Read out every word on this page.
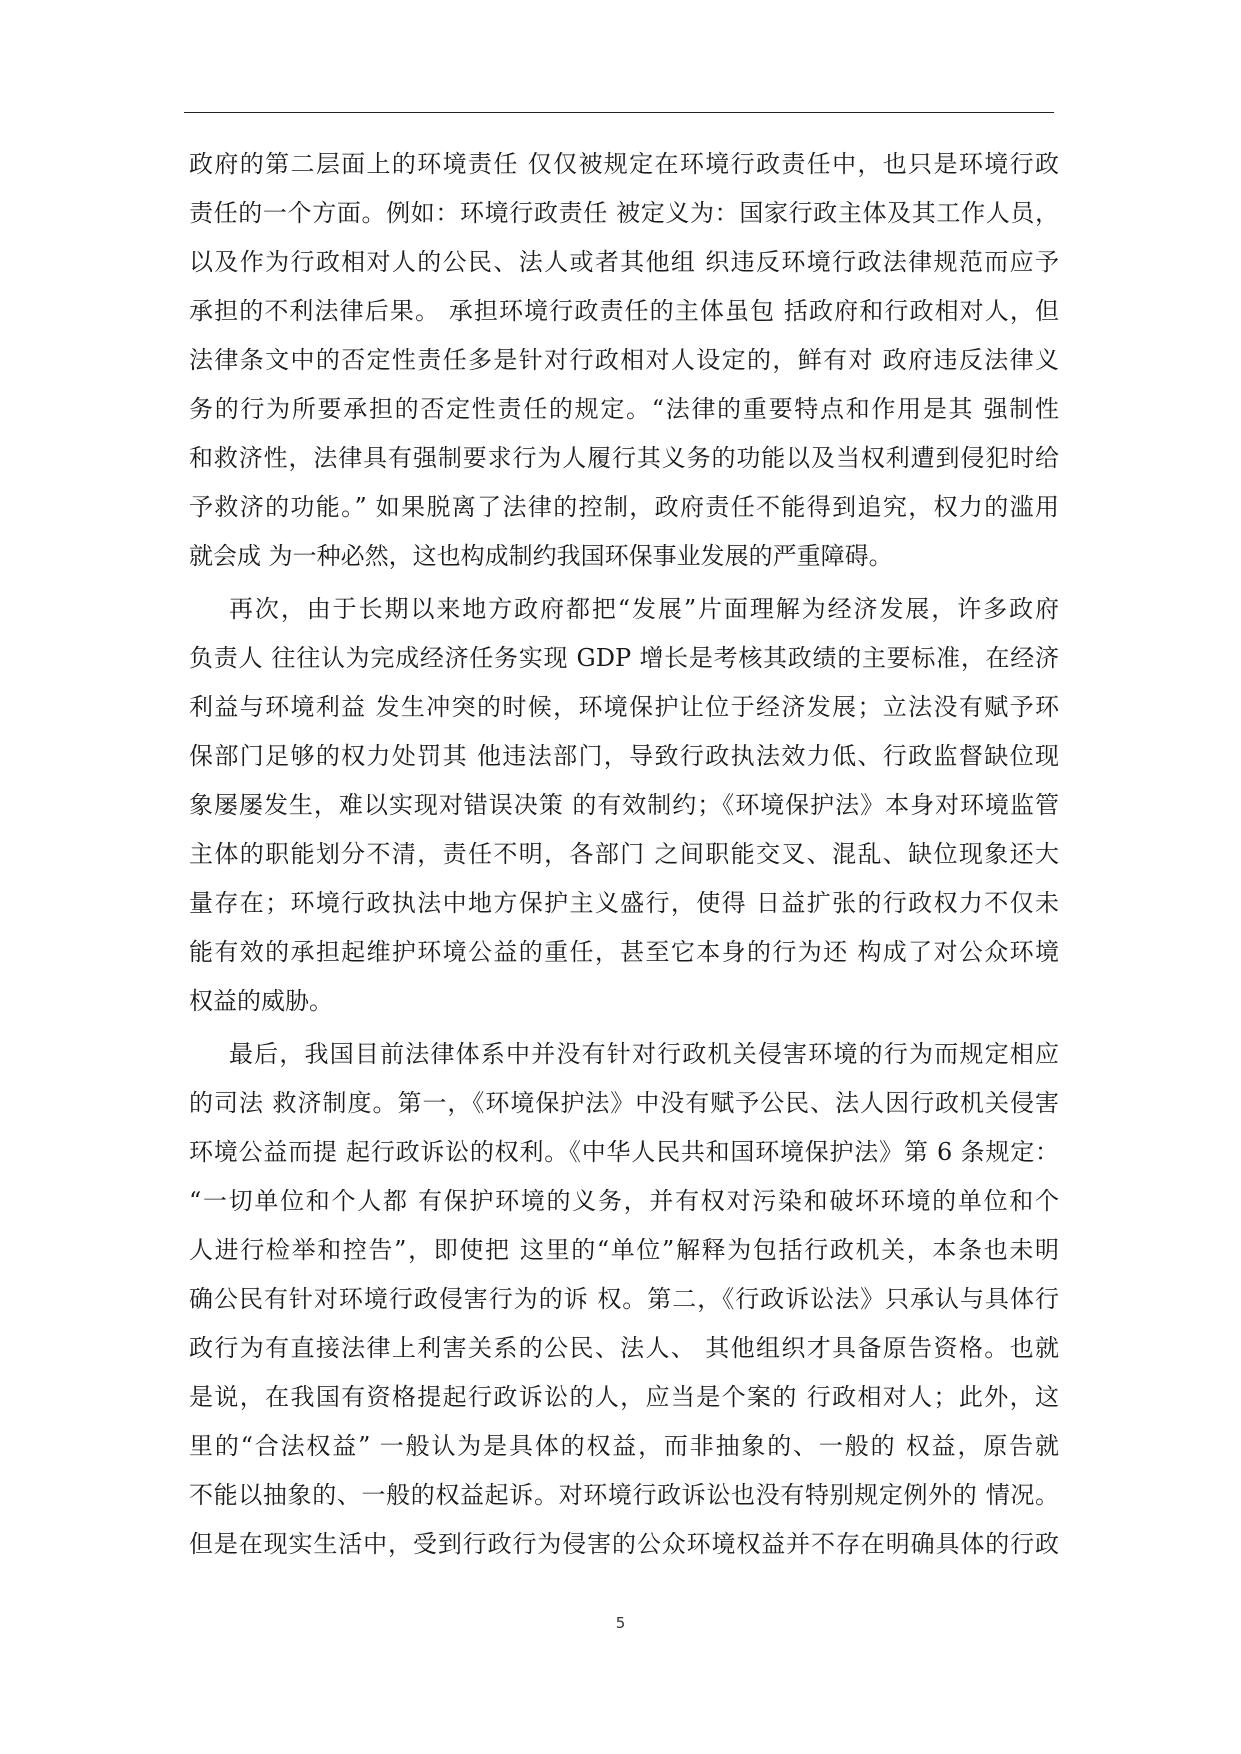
政府的第二层面上的环境责任 仅仅被规定在环境行政责任中，也只是环境行政
责任的一个方面。例如：环境行政责任 被定义为：国家行政主体及其工作人员，
以及作为行政相对人的公民、法人或者其他组 织违反环境行政法律规范而应予
承担的不利法律后果。 承担环境行政责任的主体虽包 括政府和行政相对人，但
法律条文中的否定性责任多是针对行政相对人设定的，鲜有对 政府违反法律义
务的行为所要承担的否定性责任的规定。“法律的重要特点和作用是其 强制性
和救济性，法律具有强制要求行为人履行其义务的功能以及当权利遭到侵犯时给
予救济的功能。” 如果脱离了法律的控制，政府责任不能得到追究，权力的滥用
就会成 为一种必然，这也构成制约我国环保事业发展的严重障碍。
再次，由于长期以来地方政府都把“发展”片面理解为经济发展，许多政府
负责人 往往认为完成经济任务实现 GDP 增长是考核其政绩的主要标准，在经济
利益与环境利益 发生冲突的时候，环境保护让位于经济发展；立法没有赋予环
保部门足够的权力处罚其 他违法部门，导致行政执法效力低、行政监督缺位现
象屡屡发生，难以实现对错误决策 的有效制约；《环境保护法》本身对环境监管
主体的职能划分不清，责任不明，各部门 之间职能交叉、混乱、缺位现象还大
量存在；环境行政执法中地方保护主义盛行，使得 日益扩张的行政权力不仅未
能有效的承担起维护环境公益的重任，甚至它本身的行为还 构成了对公众环境
权益的威胁。
最后，我国目前法律体系中并没有针对行政机关侵害环境的行为而规定相应
的司法 救济制度。第一，《环境保护法》中没有赋予公民、法人因行政机关侵害
环境公益而提 起行政诉讼的权利。《中华人民共和国环境保护法》第 6 条规定：
“一切单位和个人都 有保护环境的义务，并有权对污染和破坏环境的单位和个
人进行检举和控告”，即使把 这里的“单位”解释为包括行政机关，本条也未明
确公民有针对环境行政侵害行为的诉 权。第二，《行政诉讼法》只承认与具体行
政行为有直接法律上利害关系的公民、法人、 其他组织才具备原告资格。也就
是说，在我国有资格提起行政诉讼的人，应当是个案的 行政相对人；此外，这
里的“合法权益” 一般认为是具体的权益，而非抽象的、一般的 权益，原告就
不能以抽象的、一般的权益起诉。对环境行政诉讼也没有特别规定例外的 情况。
但是在现实生活中，受到行政行为侵害的公众环境权益并不存在明确具体的行政
5
